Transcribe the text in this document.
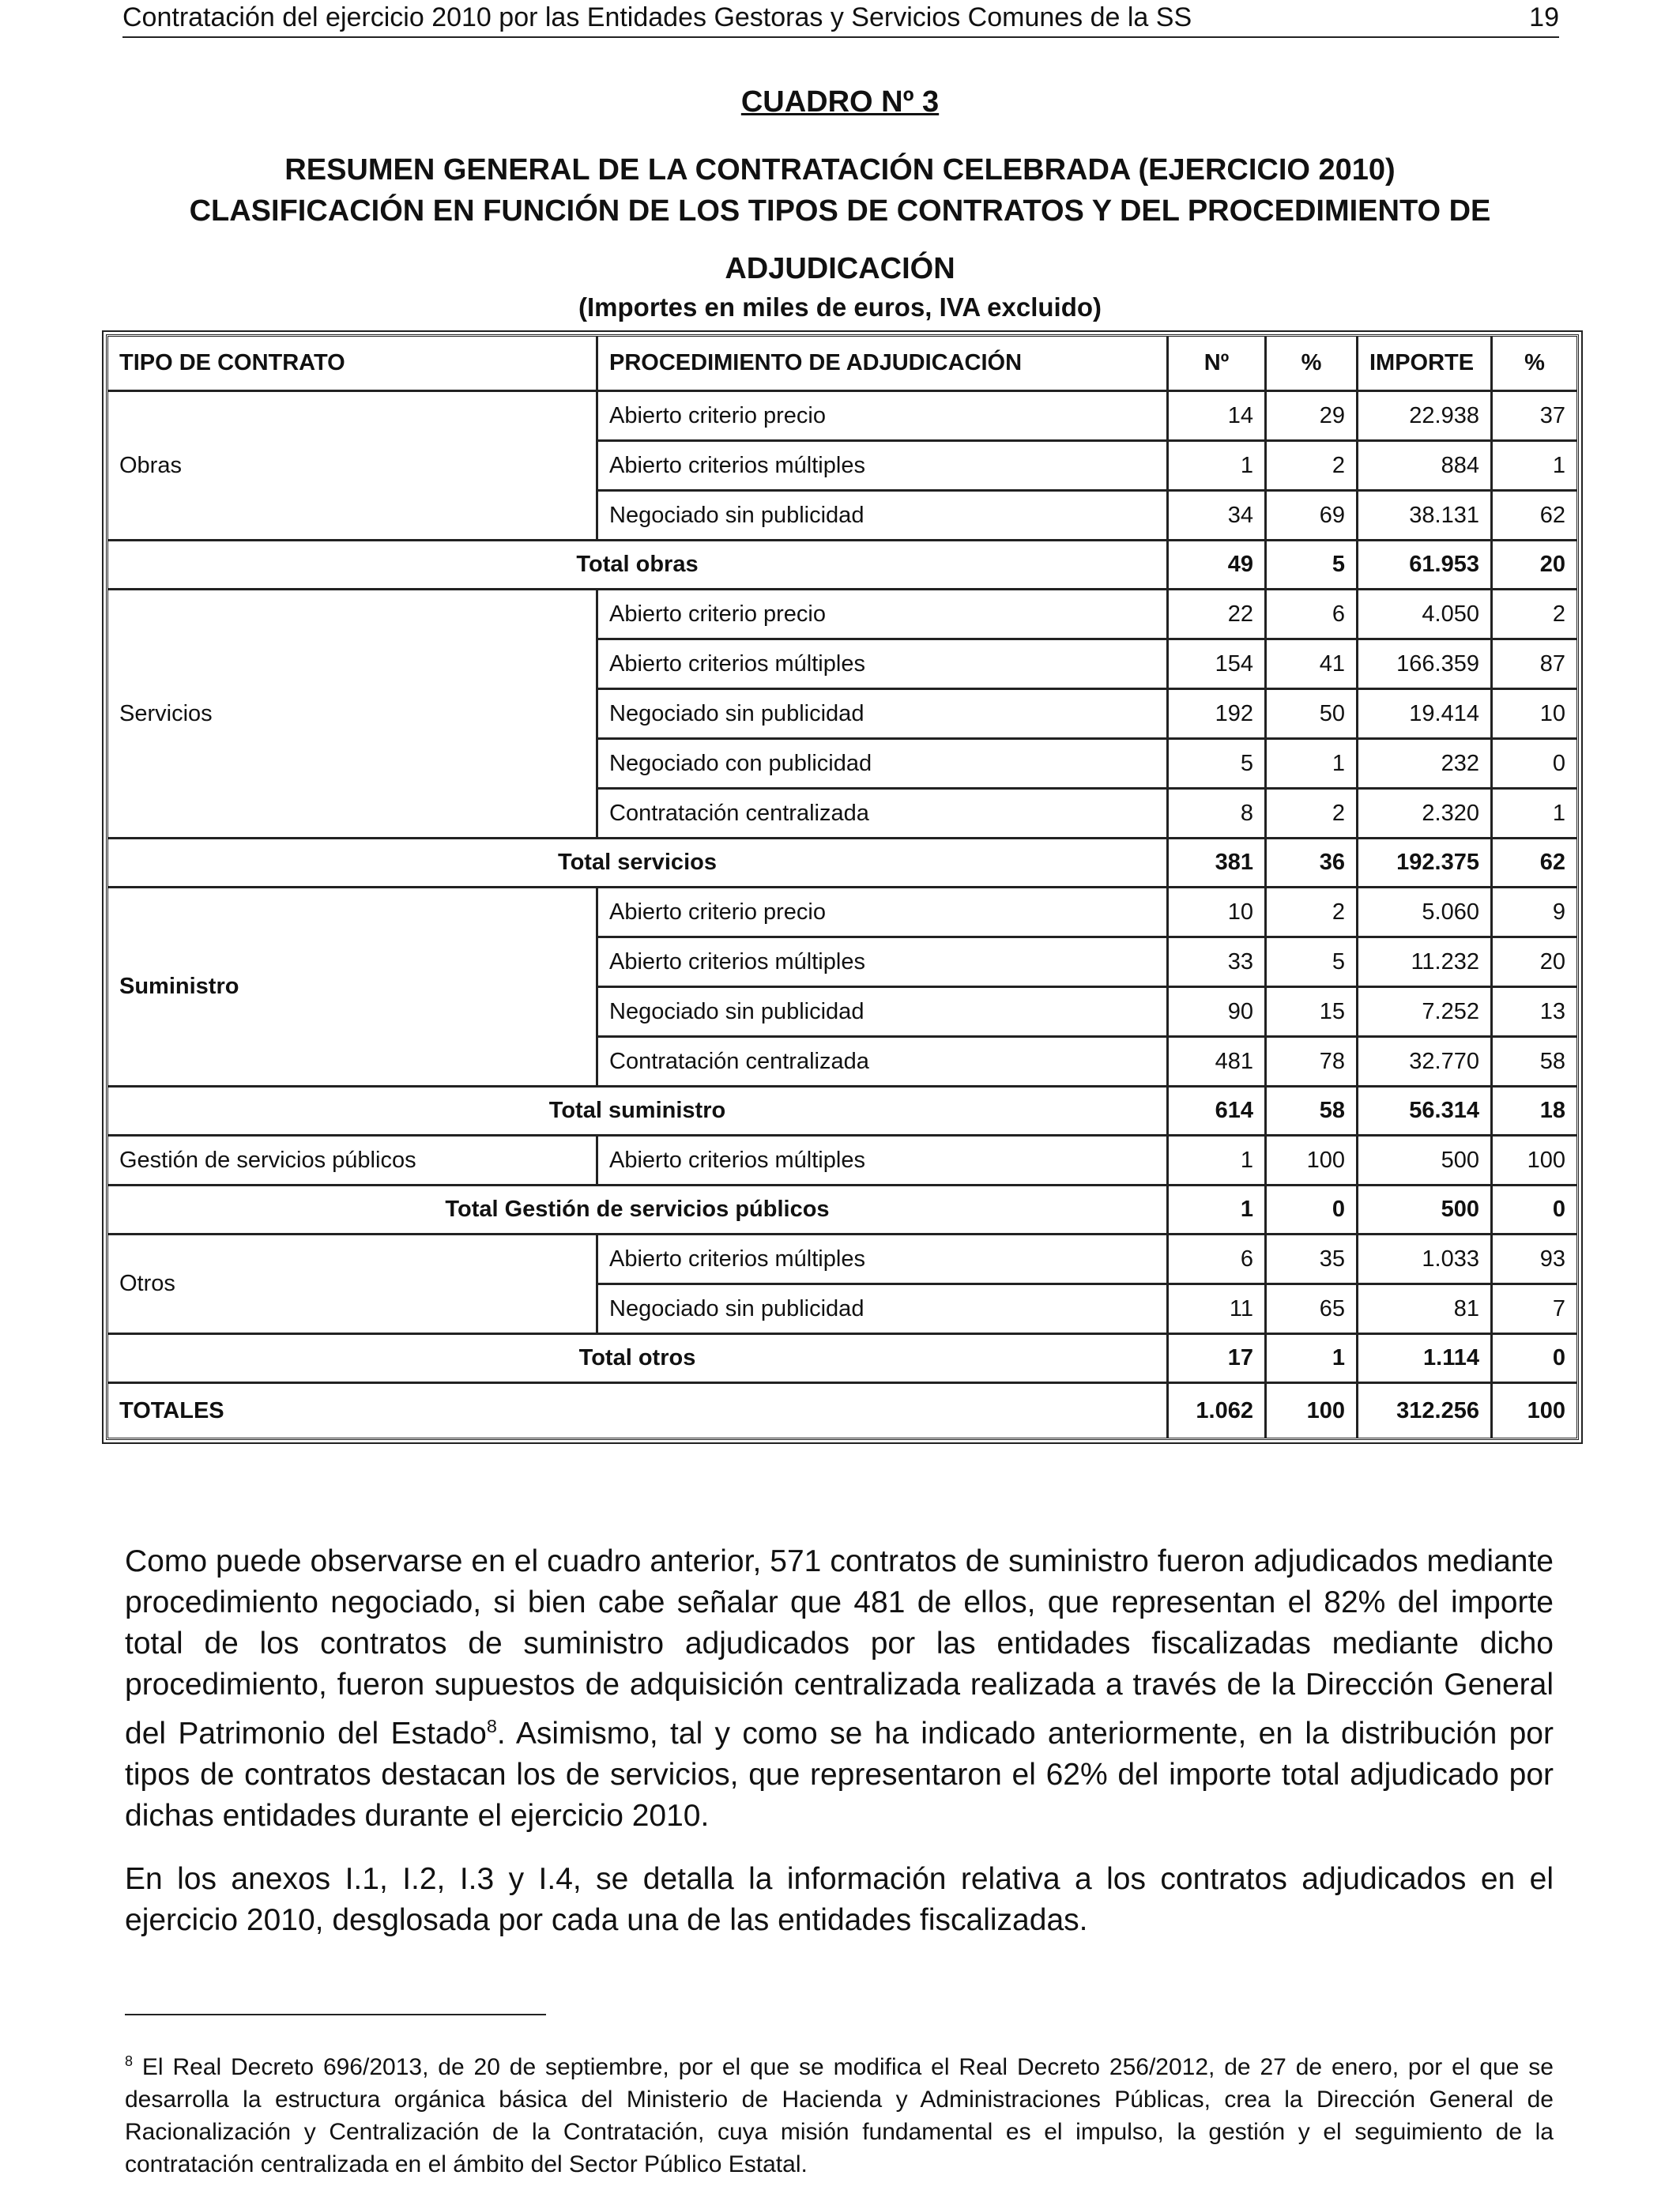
Contratación del ejercicio 2010 por las Entidades Gestoras y Servicios Comunes de la SS	19
CUADRO Nº 3
RESUMEN GENERAL DE LA CONTRATACIÓN CELEBRADA (EJERCICIO 2010)
CLASIFICACIÓN EN FUNCIÓN DE LOS TIPOS DE CONTRATOS Y DEL PROCEDIMIENTO DE
ADJUDICACIÓN
(Importes en miles de euros, IVA excluido)
TIPO DE CONTRATO	PROCEDIMIENTO DE ADJUDICACIÓN	Nº	%	IMPORTE	%
Obras	Abierto criterio precio	14	29	22.938	37
	Abierto criterios múltiples	1	2	884	1
	Negociado sin publicidad	34	69	38.131	62
Total obras		49	5	61.953	20
Servicios	Abierto criterio precio	22	6	4.050	2
	Abierto criterios múltiples	154	41	166.359	87
	Negociado sin publicidad	192	50	19.414	10
	Negociado con publicidad	5	1	232	0
	Contratación centralizada	8	2	2.320	1
Total servicios		381	36	192.375	62
Suministro	Abierto criterio precio	10	2	5.060	9
	Abierto criterios múltiples	33	5	11.232	20
	Negociado sin publicidad	90	15	7.252	13
	Contratación centralizada	481	78	32.770	58
Total suministro		614	58	56.314	18
Gestión de servicios públicos	Abierto criterios múltiples	1	100	500	100
Total Gestión de servicios públicos		1	0	500	0
Otros	Abierto criterios múltiples	6	35	1.033	93
	Negociado sin publicidad	11	65	81	7
Total otros		17	1	1.114	0
TOTALES		1.062	100	312.256	100
Como puede observarse en el cuadro anterior, 571 contratos de suministro fueron adjudicados mediante procedimiento negociado, si bien cabe señalar que 481 de ellos, que representan el 82% del importe total de los contratos de suministro adjudicados por las entidades fiscalizadas mediante dicho procedimiento, fueron supuestos de adquisición centralizada realizada a través de la Dirección General del Patrimonio del Estado$^8$. Asimismo, tal y como se ha indicado anteriormente, en la distribución por tipos de contratos destacan los de servicios, que representaron el 62% del importe total adjudicado por dichas entidades durante el ejercicio 2010.
En los anexos I.1, I.2, I.3 y I.4, se detalla la información relativa a los contratos adjudicados en el ejercicio 2010, desglosada por cada una de las entidades fiscalizadas.
$^8$ El Real Decreto 696/2013, de 20 de septiembre, por el que se modifica el Real Decreto 256/2012, de 27 de enero, por el que se desarrolla la estructura orgánica básica del Ministerio de Hacienda y Administraciones Públicas, crea la Dirección General de Racionalización y Centralización de la Contratación, cuya misión fundamental es el impulso, la gestión y el seguimiento de la contratación centralizada en el ámbito del Sector Público Estatal.
